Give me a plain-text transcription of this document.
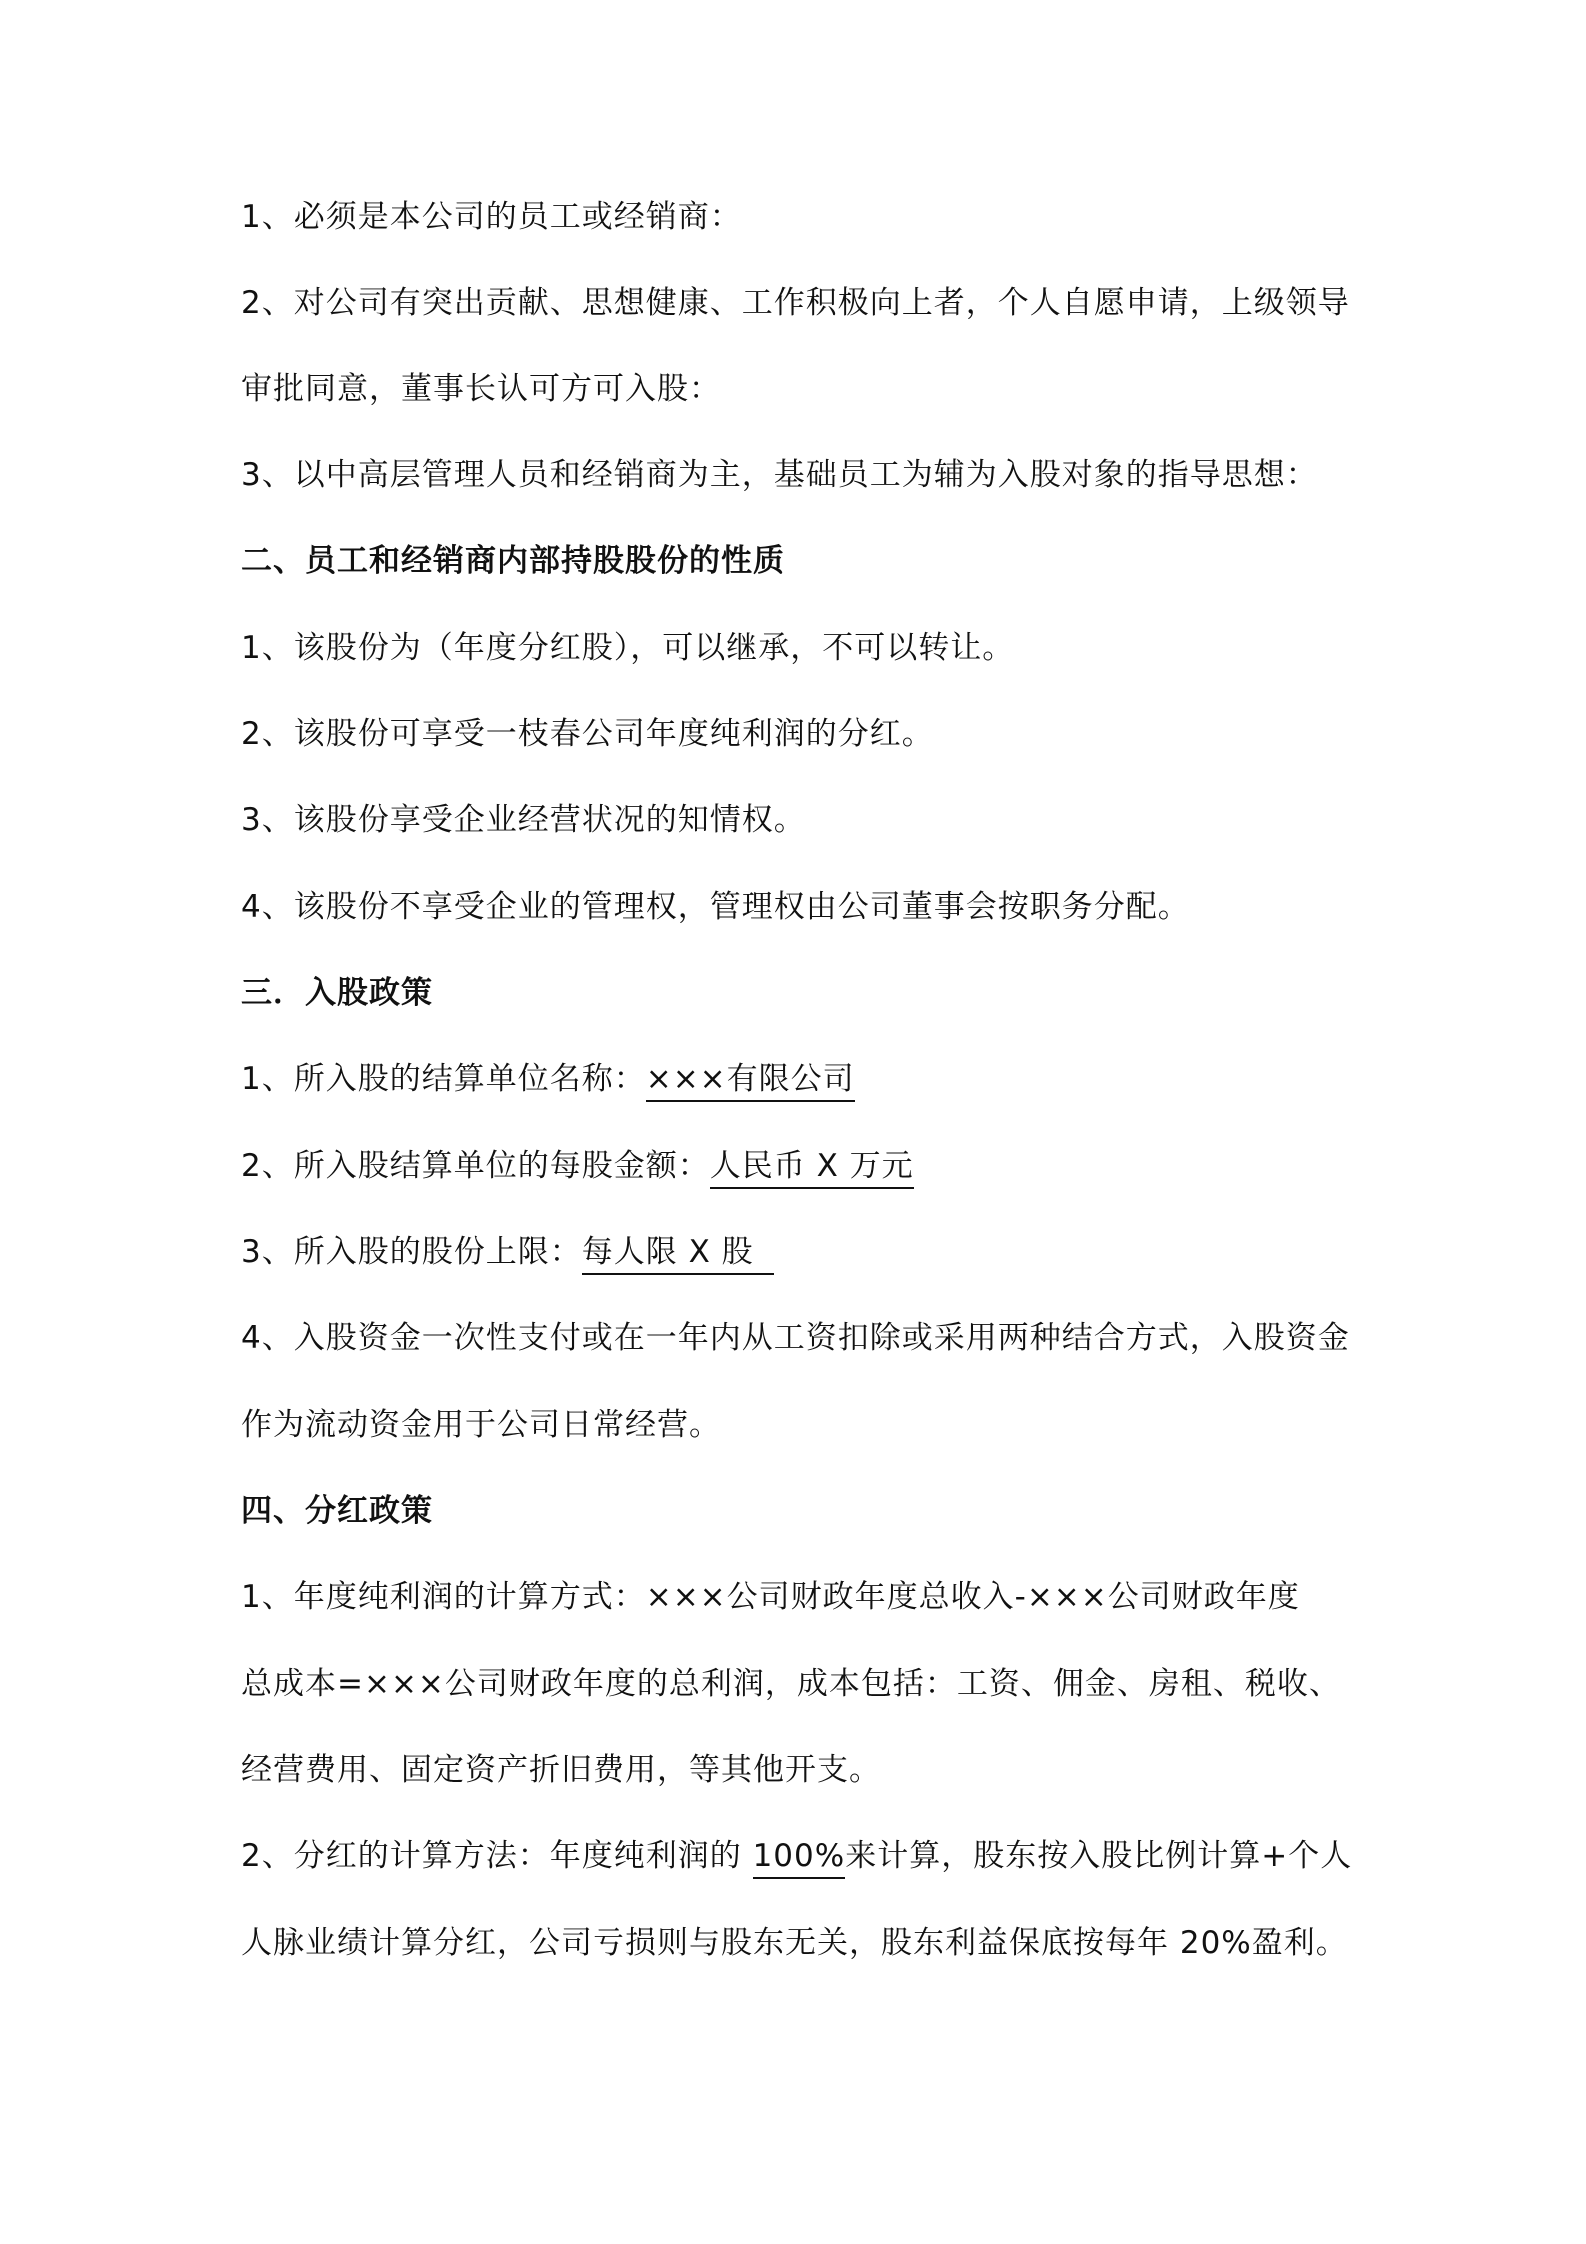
1、必须是本公司的员工或经销商：
2、对公司有突出贡献、思想健康、工作积极向上者，个人自愿申请，上级领导
审批同意，董事长认可方可入股：
3、以中高层管理人员和经销商为主，基础员工为辅为入股对象的指导思想：
二、员工和经销商内部持股股份的性质
1、该股份为（年度分红股），可以继承，不可以转让。
2、该股份可享受一枝春公司年度纯利润的分红。
3、该股份享受企业经营状况的知情权。
4、该股份不享受企业的管理权，管理权由公司董事会按职务分配。
三．入股政策
1、所入股的结算单位名称：×××有限公司
2、所入股结算单位的每股金额：人民币 X 万元
3、所入股的股份上限：每人限 X 股
4、入股资金一次性支付或在一年内从工资扣除或采用两种结合方式，入股资金
作为流动资金用于公司日常经营。
四、分红政策
1、年度纯利润的计算方式：×××公司财政年度总收入-×××公司财政年度
总成本=×××公司财政年度的总利润，成本包括：工资、佣金、房租、税收、
经营费用、固定资产折旧费用，等其他开支。
2、分红的计算方法：年度纯利润的 100%来计算，股东按入股比例计算+个人
人脉业绩计算分红，公司亏损则与股东无关，股东利益保底按每年 20%盈利。
